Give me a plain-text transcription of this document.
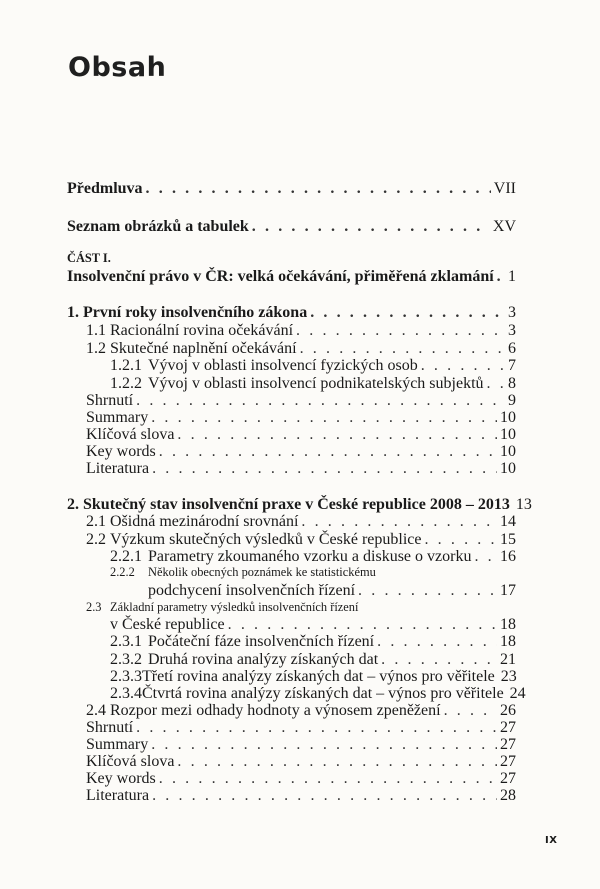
Obsah
Předmluva . . .	VII
Seznam obrázků a tabulek . . .	XV
ČÁST I.
Insolvenční právo v ČR: velká očekávání, přiměřená zklamání . . . 1
1. První roky insolvenčního zákona . . .	3
1.1 Racionální rovina očekávání . . .	3
1.2 Skutečné naplnění očekávání . . .	6
1.2.1 Vývoj v oblasti insolvencí fyzických osob . . .	7
1.2.2 Vývoj v oblasti insolvencí podnikatelských subjektů . . . 8
Shrnutí . . .	9
Summary . . .	10
Klíčová slova . . .	10
Key words . . .	10
Literatura . . .	10
2. Skutečný stav insolvenční praxe v České republice 2008 – 2013 13
2.1 Ošidná mezinárodní srovnání . . .	14
2.2 Výzkum skutečných výsledků v České republice . . .	15
2.2.1 Parametry zkoumaného vzorku a diskuse o vzorku . . . 16
2.2.2 Několik obecných poznámek ke statistickému
podchycení insolvenčních řízení . . .	17
2.3 Základní parametry výsledků insolvenčních řízení
v České republice . . .	18
2.3.1 Počáteční fáze insolvenčních řízení . . .	18
2.3.2 Druhá rovina analýzy získaných dat . . .	21
2.3.3 Třetí rovina analýzy získaných dat – výnos pro věřitele 23
2.3.4 Čtvrtá rovina analýzy získaných dat – výnos pro věřitele 24
2.4 Rozpor mezi odhady hodnoty a výnosem zpeněžení . . .	26
Shrnutí . . .	27
Summary . . .	27
Klíčová slova . . .	27
Key words . . .	27
Literatura . . .	28
IX
